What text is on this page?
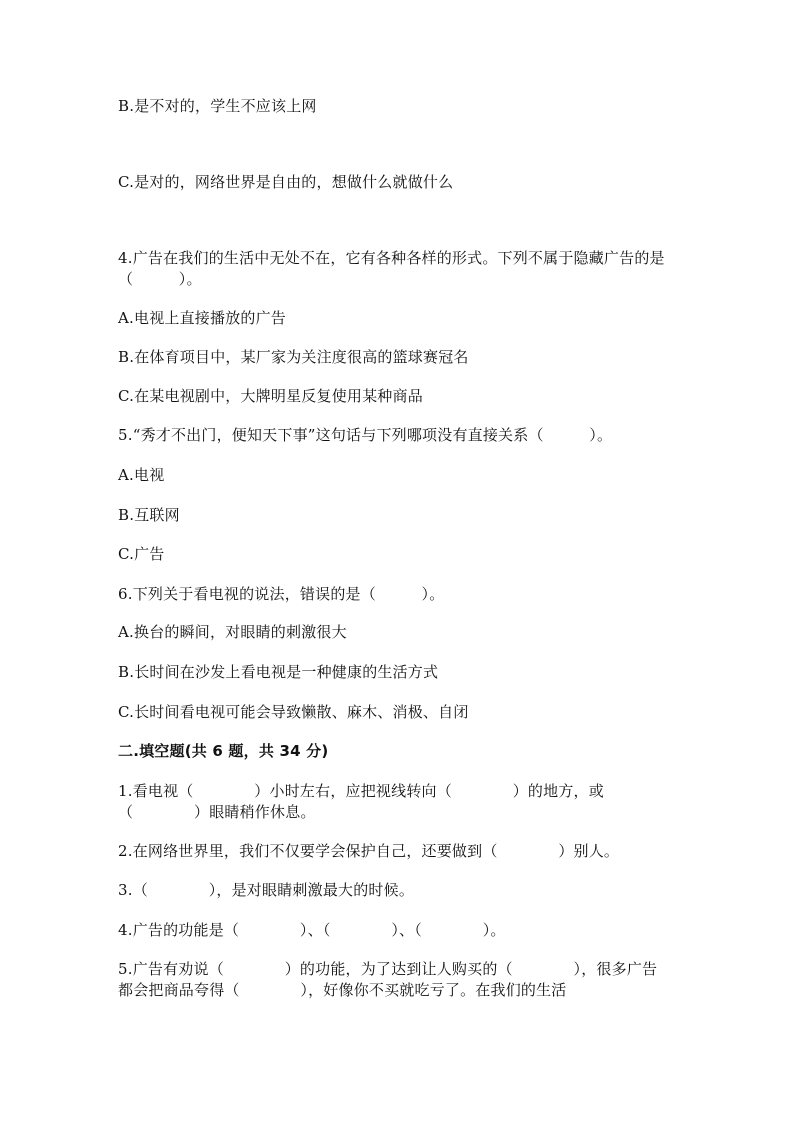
B.是不对的，学生不应该上网
C.是对的，网络世界是自由的，想做什么就做什么
4.广告在我们的生活中无处不在，它有各种各样的形式。下列不属于隐藏广告的是（　　　）。
A.电视上直接播放的广告
B.在体育项目中，某厂家为关注度很高的篮球赛冠名
C.在某电视剧中，大牌明星反复使用某种商品
5.“秀才不出门，便知天下事”这句话与下列哪项没有直接关系（　　　）。
A.电视
B.互联网
C.广告
6.下列关于看电视的说法，错误的是（　　　）。
A.换台的瞬间，对眼睛的刺激很大
B.长时间在沙发上看电视是一种健康的生活方式
C.长时间看电视可能会导致懒散、麻木、消极、自闭
二.填空题(共 6 题，共 34 分)
1.看电视（　　　　）小时左右，应把视线转向（　　　　）的地方，或（　　　　）眼睛稍作休息。
2.在网络世界里，我们不仅要学会保护自己，还要做到（　　　　）别人。
3.（　　　　），是对眼睛刺激最大的时候。
4.广告的功能是（　　　　）、（　　　　）、（　　　　）。
5.广告有劝说（　　　　）的功能，为了达到让人购买的（　　　　），很多广告都会把商品夸得（　　　　），好像你不买就吃亏了。在我们的生活
